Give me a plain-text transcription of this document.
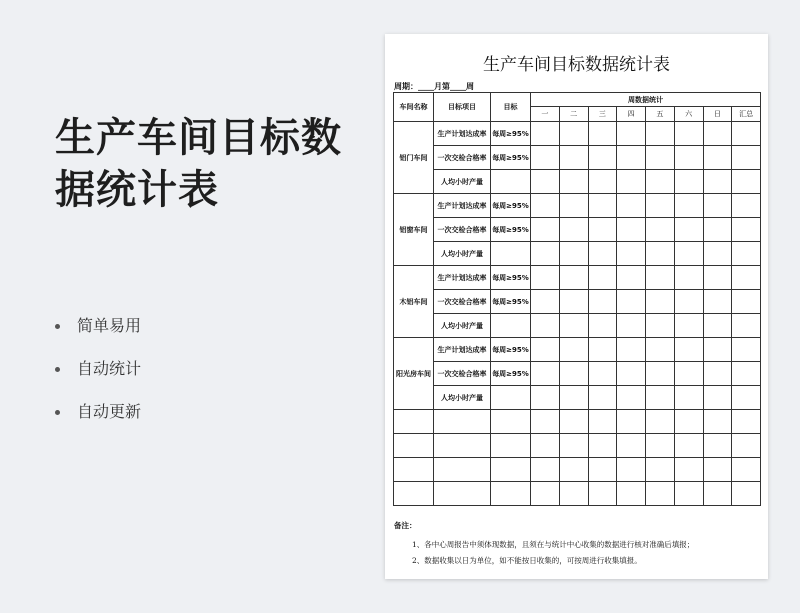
生产车间目标数据统计表
简单易用
自动统计
自动更新
生产车间目标数据统计表
周期：____月第____周
车间名称	目标项目	目标	周数据统计							
			一	二	三	四	五	六	日	汇总
铝门车间	生产计划达成率	每周≥95%								
	一次交检合格率	每周≥95%								
	人均小时产量									
铝窗车间	生产计划达成率	每周≥95%								
	一次交检合格率	每周≥95%								
	人均小时产量									
木铝车间	生产计划达成率	每周≥95%								
	一次交检合格率	每周≥95%								
	人均小时产量									
阳光房车间	生产计划达成率	每周≥95%								
	一次交检合格率	每周≥95%								
	人均小时产量									

备注：
1、各中心周报告中须体现数据，且须在与统计中心收集的数据进行核对准确后填报；
2、数据收集以日为单位，如不能按日收集的，可按周进行收集填报。
